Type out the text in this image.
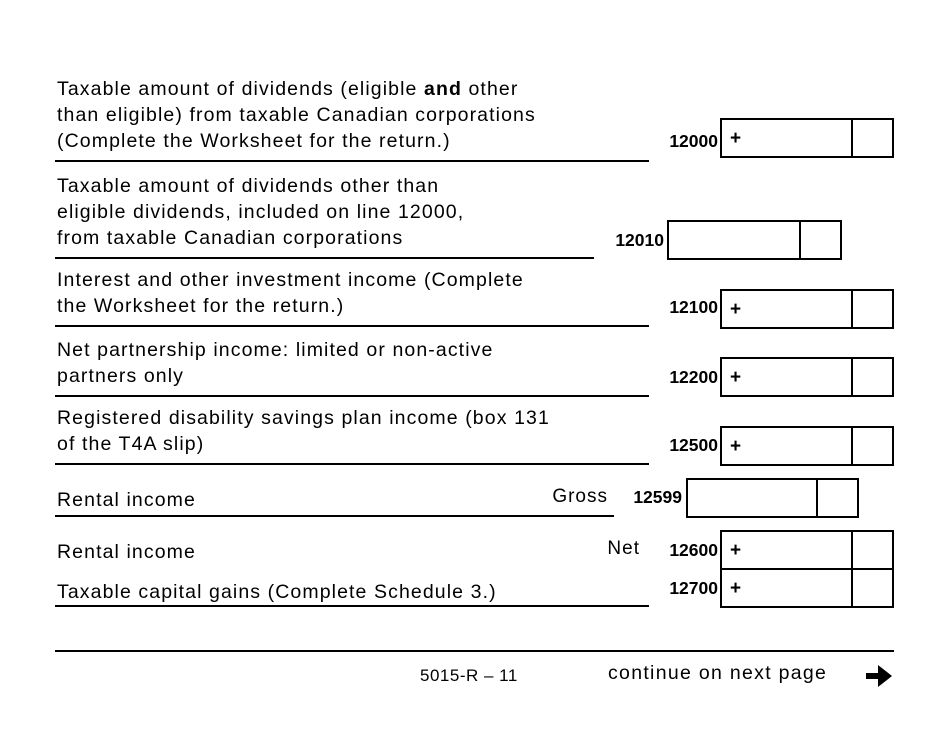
Taxable amount of dividends (eligible and other
than eligible) from taxable Canadian corporations
(Complete the Worksheet for the return.)	12000 +
Taxable amount of dividends other than
eligible dividends, included on line 12000,
from taxable Canadian corporations	12010
Interest and other investment income (Complete
the Worksheet for the return.)	12100 +
Net partnership income: limited or non-active
partners only	12200 +
Registered disability savings plan income (box 131
of the T4A slip)	12500 +
Rental income	Gross	12599
Rental income	Net	12600 +
Taxable capital gains (Complete Schedule 3.)	12700 +
5015-R – 11	continue on next page
